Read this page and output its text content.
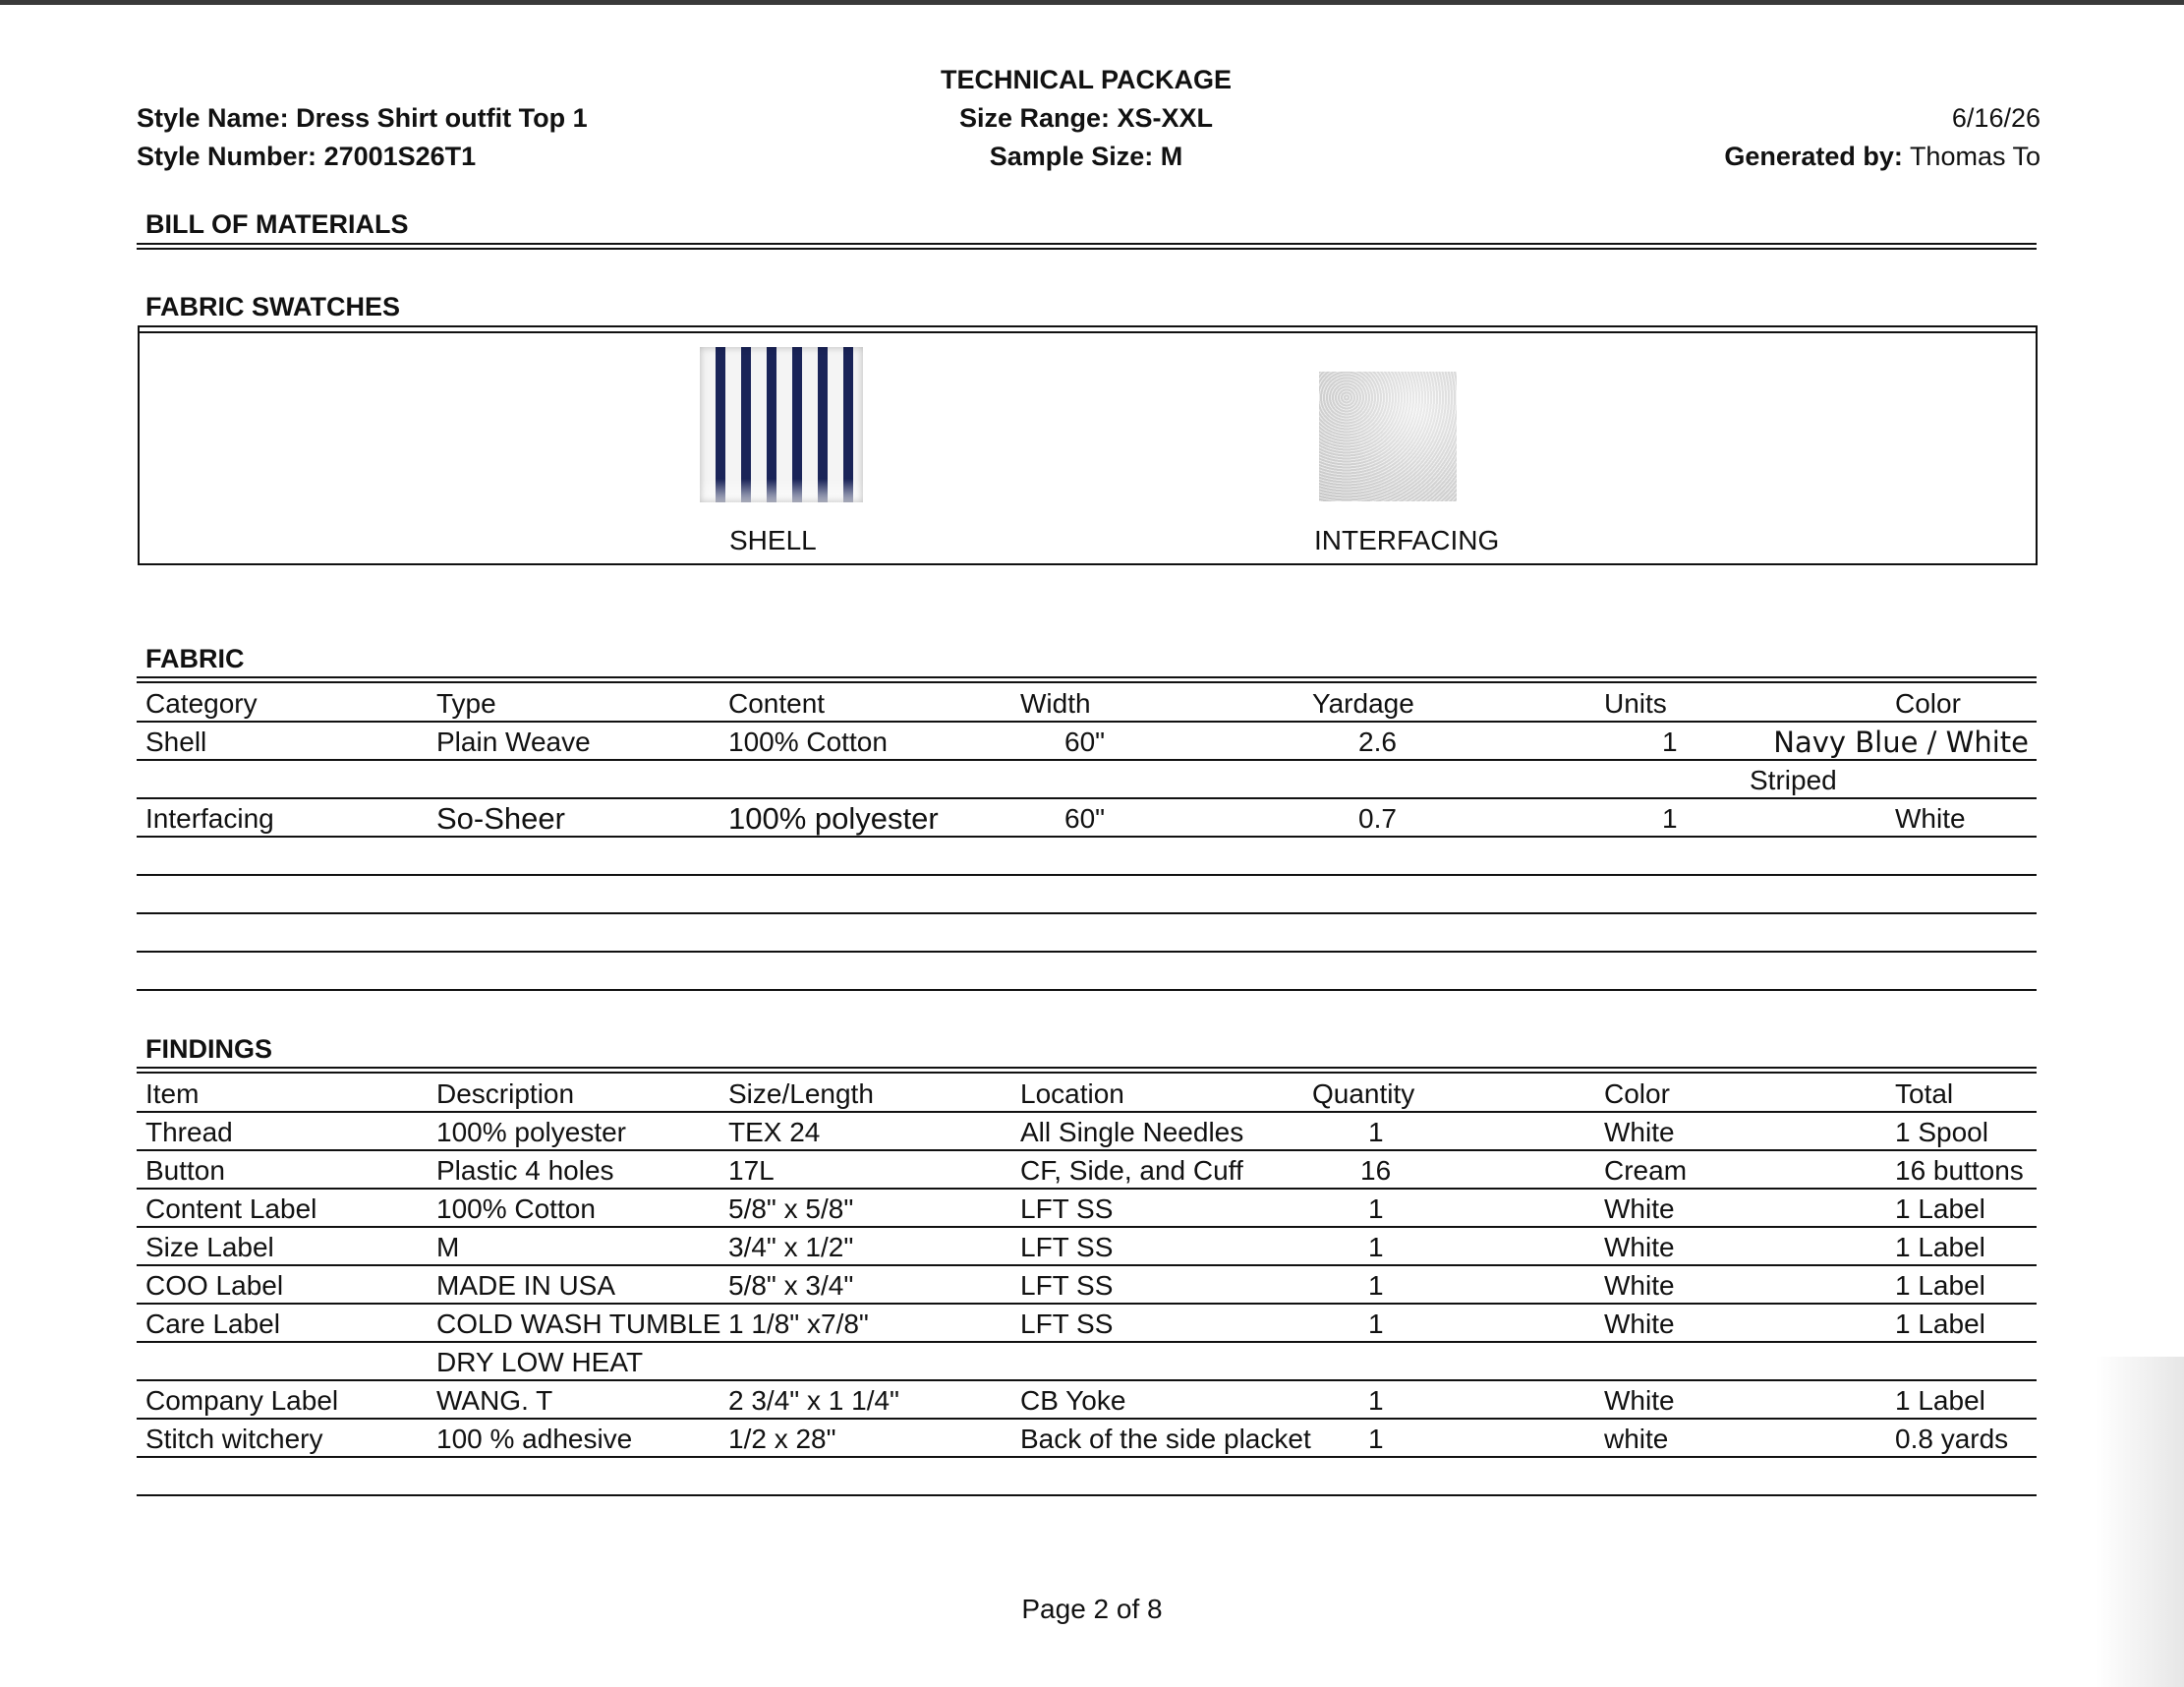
Style Name: Dress Shirt outfit Top 1
Style Number: 27001S26T1
TECHNICAL PACKAGE
Size Range: XS-XXL
Sample Size: M
6/16/26
Generated by: Thomas To
BILL OF MATERIALS
FABRIC SWATCHES
SHELL	INTERFACING
FABRIC
Category	Type	Content	Width	Yardage	Units	Color
Shell	Plain Weave	100% Cotton	60"	2.6	1	Navy Blue / White
Striped
Interfacing	So-Sheer	100% polyester	60"	0.7	1	White
FINDINGS
Item	Description	Size/Length	Location	Quantity	Color	Total
Thread	100% polyester	TEX 24	All Single Needles	1	White	1 Spool
Button	Plastic 4 holes	17L	CF, Side, and Cuff	16	Cream	16 buttons
Content Label	100% Cotton	5/8" x 5/8"	LFT SS	1	White	1 Label
Size Label	M	3/4" x 1/2"	LFT SS	1	White	1 Label
COO Label	MADE IN USA	5/8" x 3/4"	LFT SS	1	White	1 Label
Care Label	COLD WASH TUMBLE 1 1/8" x7/8"	LFT SS	1	White	1 Label
DRY LOW HEAT
Company Label	WANG. T	2 3/4" x 1 1/4"	CB Yoke	1	White	1 Label
Stitch witchery	100 % adhesive	1/2 x 28"	Back of the side placket 1	white	0.8 yards
Page 2 of 8
